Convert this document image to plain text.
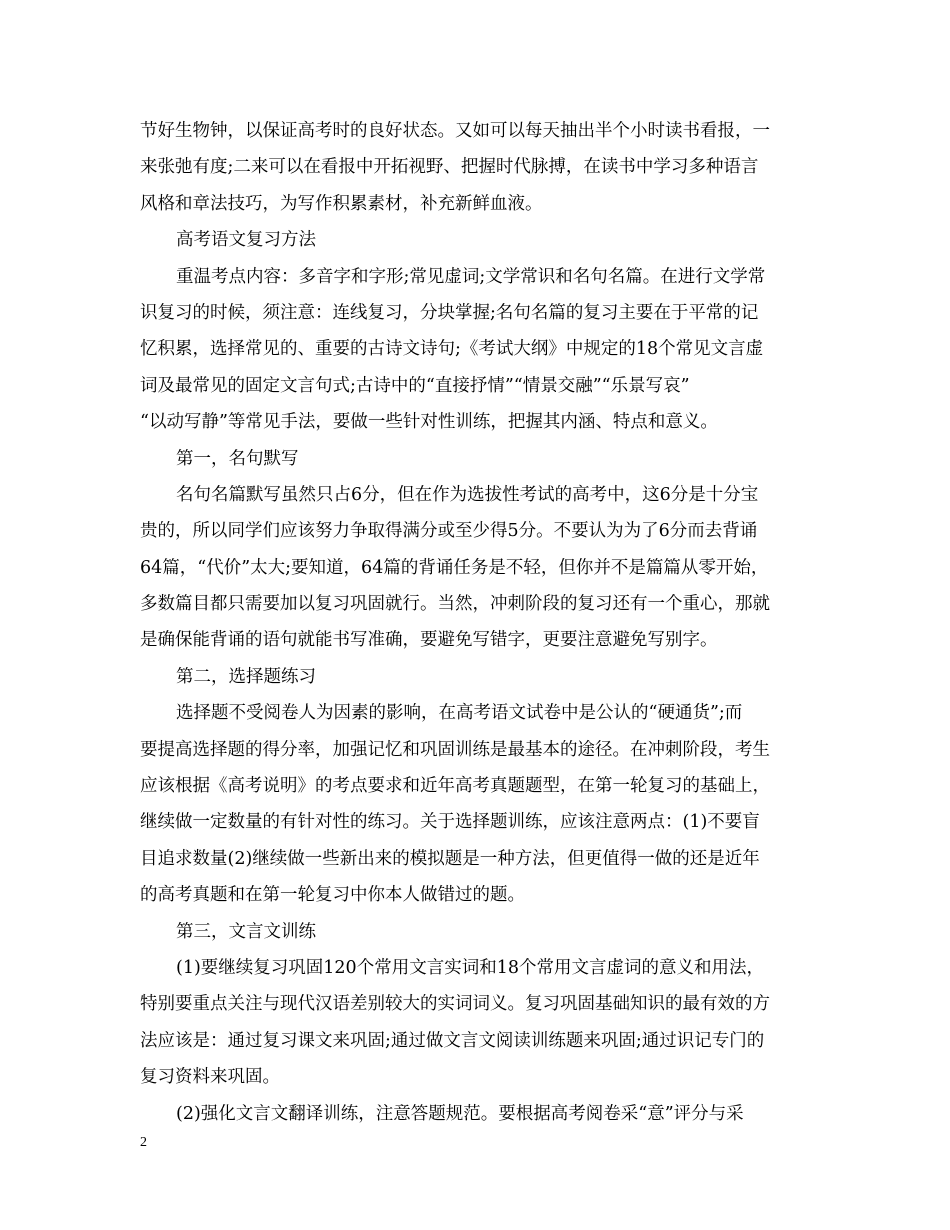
节好生物钟，以保证高考时的良好状态。又如可以每天抽出半个小时读书看报，一
来张弛有度;二来可以在看报中开拓视野、把握时代脉搏，在读书中学习多种语言
风格和章法技巧，为写作积累素材，补充新鲜血液。
高考语文复习方法
重温考点内容：多音字和字形;常见虚词;文学常识和名句名篇。在进行文学常
识复习的时候，须注意：连线复习，分块掌握;名句名篇的复习主要在于平常的记
忆积累，选择常见的、重要的古诗文诗句;《考试大纲》中规定的18个常见文言虚
词及最常见的固定文言句式;古诗中的“直接抒情”“情景交融”“乐景写哀”
“以动写静”等常见手法，要做一些针对性训练，把握其内涵、特点和意义。
第一，名句默写
名句名篇默写虽然只占6分，但在作为选拔性考试的高考中，这6分是十分宝
贵的，所以同学们应该努力争取得满分或至少得5分。不要认为为了6分而去背诵
64篇，“代价”太大;要知道，64篇的背诵任务是不轻，但你并不是篇篇从零开始，
多数篇目都只需要加以复习巩固就行。当然，冲刺阶段的复习还有一个重心，那就
是确保能背诵的语句就能书写准确，要避免写错字，更要注意避免写别字。
第二，选择题练习
选择题不受阅卷人为因素的影响，在高考语文试卷中是公认的“硬通货”;而
要提高选择题的得分率，加强记忆和巩固训练是最基本的途径。在冲刺阶段，考生
应该根据《高考说明》的考点要求和近年高考真题题型，在第一轮复习的基础上，
继续做一定数量的有针对性的练习。关于选择题训练，应该注意两点：(1)不要盲
目追求数量(2)继续做一些新出来的模拟题是一种方法，但更值得一做的还是近年
的高考真题和在第一轮复习中你本人做错过的题。
第三，文言文训练
(1)要继续复习巩固120个常用文言实词和18个常用文言虚词的意义和用法，
特别要重点关注与现代汉语差别较大的实词词义。复习巩固基础知识的最有效的方
法应该是：通过复习课文来巩固;通过做文言文阅读训练题来巩固;通过识记专门的
复习资料来巩固。
(2)强化文言文翻译训练，注意答题规范。要根据高考阅卷采“意”评分与采
2
